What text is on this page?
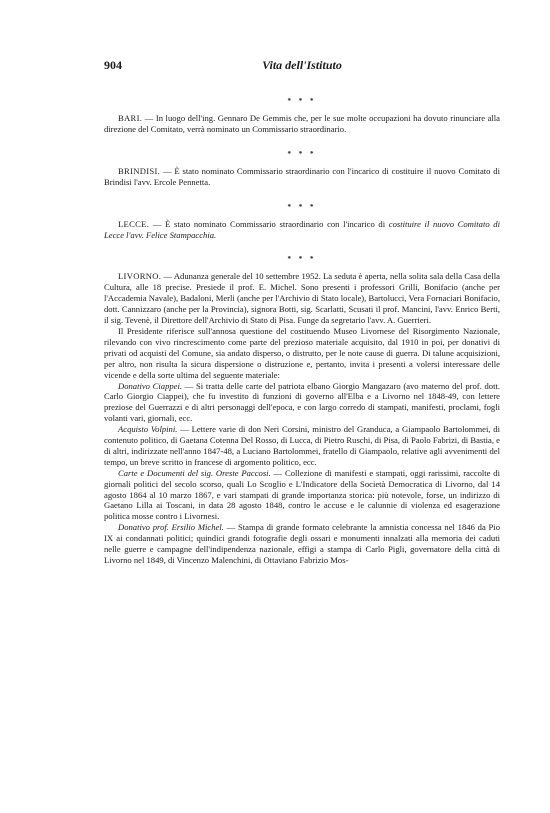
904	Vita dell'Istituto
* * *

BARI. — In luogo dell'ing. Gennaro De Gemmis che, per le sue molte occupazioni ha dovuto rinunciare alla direzione del Comitato, verrà nominato un Commissario straordinario.

* * *

BRINDISI. — È stato nominato Commissario straordinario con l'incarico di costituire il nuovo Comitato di Brindisi l'avv. Ercole Pennetta.

* * *

LECCE. — È stato nominato Commissario straordinario con l'incarico di costituire il nuovo Comitato di Lecce l'avv. Felice Stampacchia.

* * *

LIVORNO. — Adunanza generale del 10 settembre 1952. La seduta è aperta, nella solita sala della Casa della Cultura, alle 18 precise. Presiede il prof. E. Michel. Sono presenti i professori Grilli, Bonifacio (anche per l'Accademia Navale), Badaloni, Merli (anche per l'Archivio di Stato locale), Bartolucci, Vera Fornaciari Bonifacio, dott. Cannizzaro (anche per la Provincia), signora Botti, sig. Scarlatti, Scusati il prof. Mancini, l'avv. Enrico Berti, il sig. Tevenè, il Direttore dell'Archivio di Stato di Pisa. Funge da segretario l'avv. A. Guerrieri.

Il Presidente riferisce sull'annosa questione del costituendo Museo Livornese del Risorgimento Nazionale, rilevando con vivo rincrescimento come parte del prezioso materiale acquisito, dal 1910 in poi, per donativi di privati od acquisti del Comune, sia andato disperso, o distrutto, per le note cause di guerra. Di talune acquisizioni, per altro, non risulta la sicura dispersione o distruzione e, pertanto, invita i presenti a volersi interessare delle vicende e della sorte ultima del seguente materiale:

Donativo Ciappei. — Si tratta delle carte del patriota elbano Giorgio Mangazaro (avo materno del prof. dott. Carlo Giorgio Ciappei), che fu investito di funzioni di governo all'Elba e a Livorno nel 1848-49, con lettere preziose del Guerrazzi e di altri personaggi dell'epoca, e con largo corredo di stampati, manifesti, proclami, fogli volanti vari, giornali, ecc.

Acquisto Volpini. — Lettere varie di don Neri Corsini, ministro del Granduca, a Giampaolo Bartolommei, di contenuto politico, di Gaetana Cotenna Del Rosso, di Lucca, di Pietro Ruschi, di Pisa, di Paolo Fabrizi, di Bastia, e di altri, indirizzate nell'anno 1847-48, a Luciano Bartolommei, fratello di Giampaolo, relative agli avvenimenti del tempo, un breve scritto in francese di argomento politico, ecc.

Carte e Documenti del sig. Oreste Paccosi. — Collezione di manifesti e stampati, oggi rarissimi, raccolte di giornali politici del secolo scorso, quali Lo Scoglio e L'Indicatore della Società Democratica di Livorno, dal 14 agosto 1864 al 10 marzo 1867, e vari stampati di grande importanza storica: più notevole, forse, un indirizzo di Gaetano Lilla ai Toscani, in data 28 agosto 1848, contro le accuse e le calunnie di violenza ed esagerazione politica mosse contro i Livornesi.

Donativo prof. Ersilio Michel. — Stampa di grande formato celebrante la amnistia concessa nel 1846 da Pio IX ai condannati politici; quindici grandi fotografie degli ossari e monumenti innalzati alla memoria dei caduti nelle guerre e campagne dell'indipendenza nazionale, effigi a stampa di Carlo Pigli, governatore della città di Livorno nel 1849, di Vincenzo Malenchini, di Ottaviano Fabrizio Mos-
